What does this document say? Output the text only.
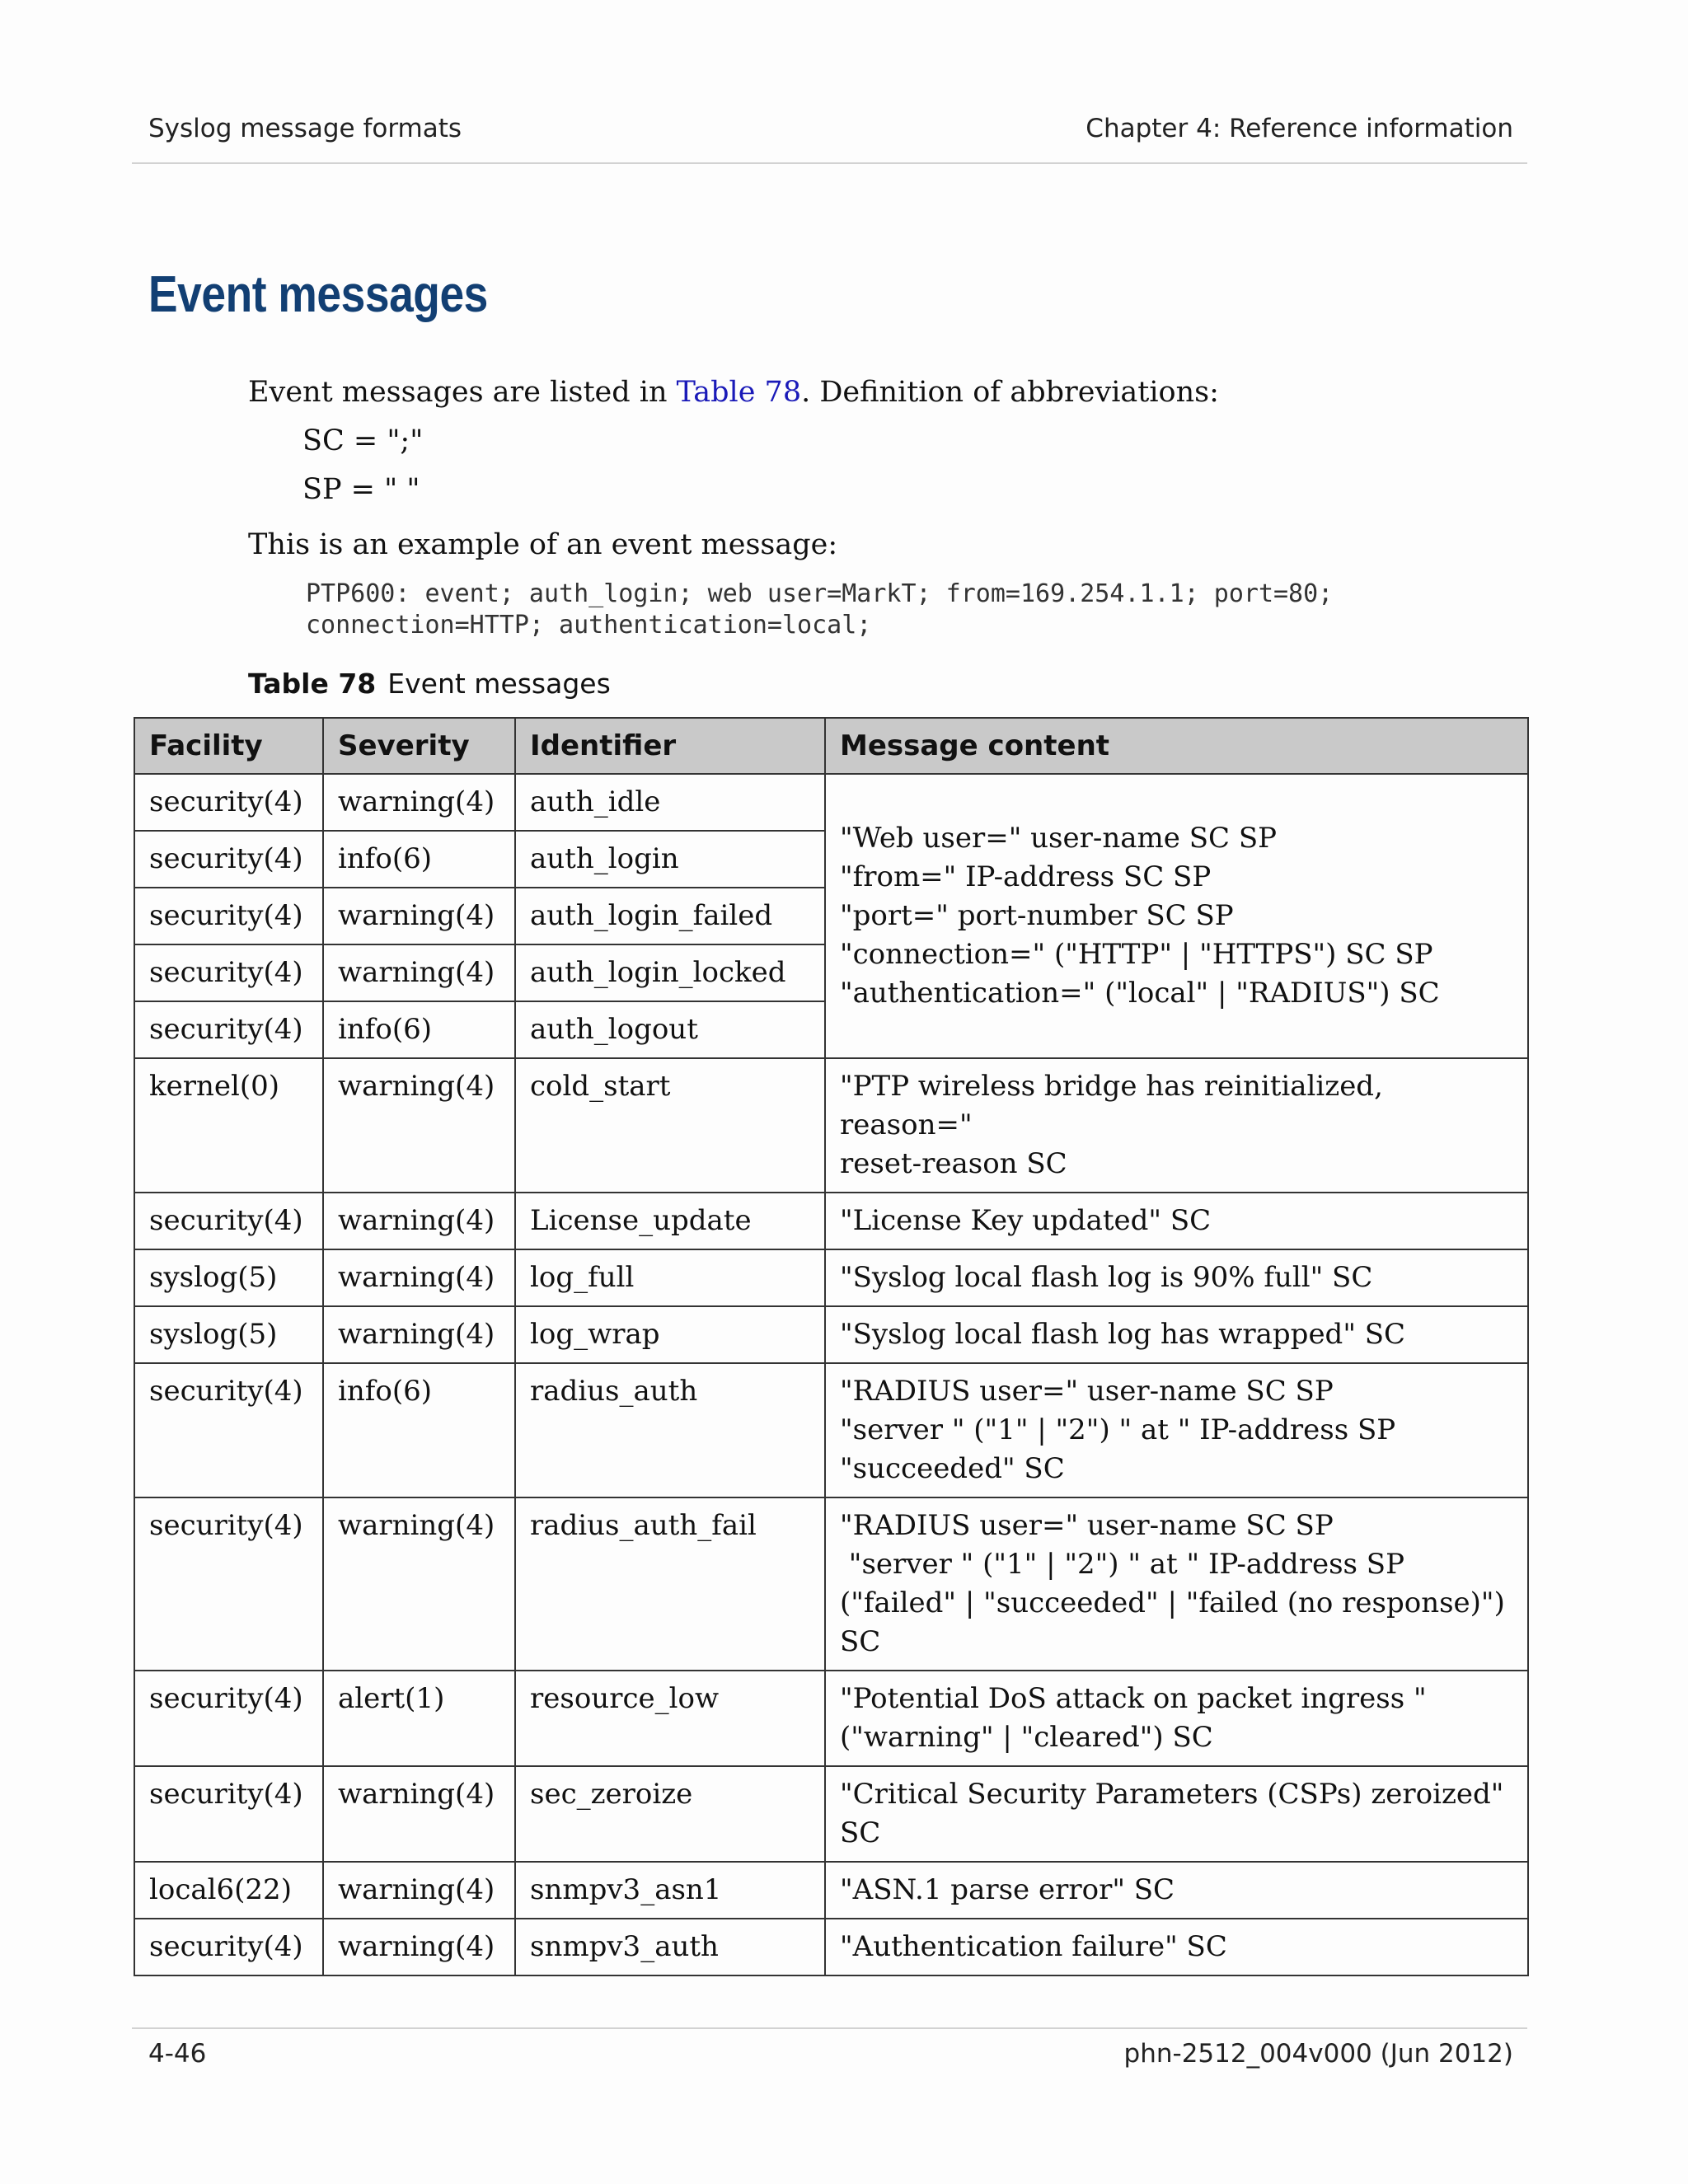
Syslog message formats	Chapter 4: Reference information
Event messages
Event messages are listed in Table 78. Definition of abbreviations:
SC = ";"
SP = " "
This is an example of an event message:
PTP600: event; auth_login; web user=MarkT; from=169.254.1.1; port=80;
connection=HTTP; authentication=local;
Table 78 Event messages
Facility	Severity	Identifier	Message content
security(4)	warning(4)	auth_idle	"Web user=" user-name SC SP
"from=" IP-address SC SP
"port=" port-number SC SP
"connection=" ("HTTP" | "HTTPS") SC SP
"authentication=" ("local" | "RADIUS") SC

security(4)	info(6)	auth_login	
security(4)	warning(4)	auth_login_failed	
security(4)	warning(4)	auth_login_locked	
security(4)	info(6)	auth_logout	
kernel(0)	warning(4)	cold_start	"PTP wireless bridge has reinitialized,
reason="
reset-reason SC

security(4)	warning(4)	License_update	"License Key updated" SC

syslog(5)	warning(4)	log_full	"Syslog local flash log is 90% full" SC

syslog(5)	warning(4)	log_wrap	"Syslog local flash log has wrapped" SC

security(4)	info(6)	radius_auth	"RADIUS user=" user-name SC SP
"server " ("1" | "2") " at " IP-address SP
"succeeded" SC

security(4)	warning(4)	radius_auth_fail	"RADIUS user=" user-name SC SP
"server " ("1" | "2") " at " IP-address SP
("failed" | "succeeded" | "failed (no response)")
SC

security(4)	alert(1)	resource_low	"Potential DoS attack on packet ingress "
("warning" | "cleared") SC

security(4)	warning(4)	sec_zeroize	"Critical Security Parameters (CSPs) zeroized"
SC

local6(22)	warning(4)	snmpv3_asn1	"ASN.1 parse error" SC

security(4)	warning(4)	snmpv3_auth	"Authentication failure" SC
4-46	phn-2512_004v000 (Jun 2012)
